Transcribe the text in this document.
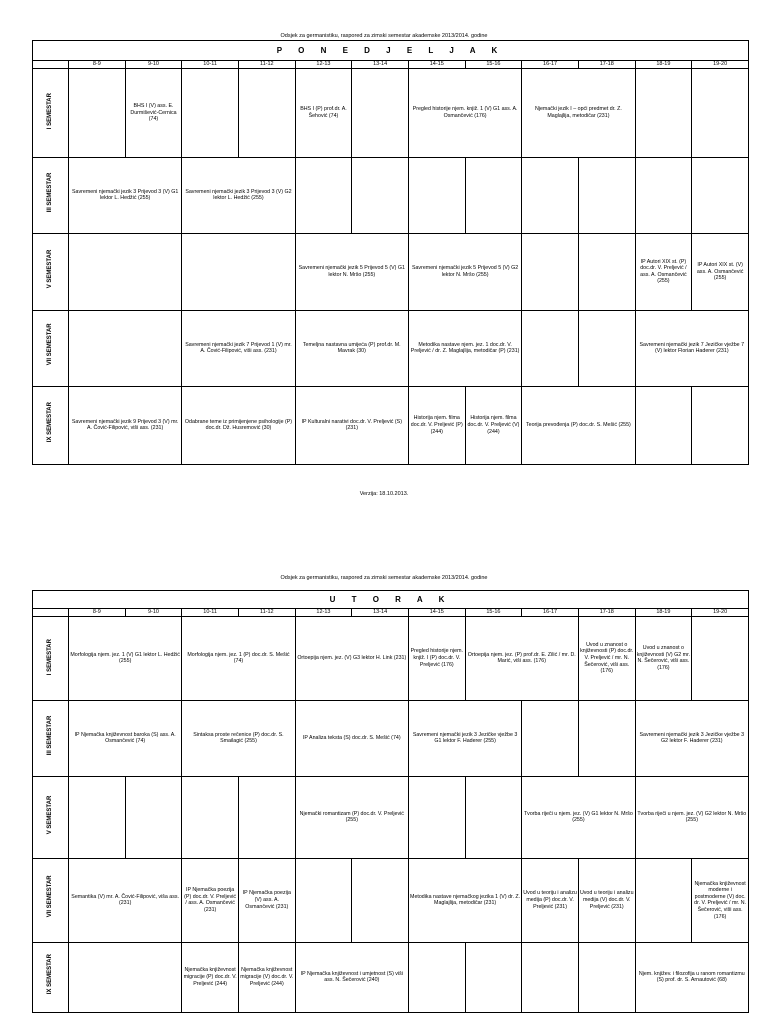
Odsjek za germanistiku, raspored za zimski semestar akademske 2013/2014. godine
P O N E D J E L J A K												
	8-9	9-10	10-11	11-12	12-13	13-14	14-15	15-16	16-17	17-18	18-19	19-20

I SEMESTAR		BHS I (V) ass. E. Durmišević-Cernica (74)			BHS I (P) prof.dr. A. Šehović (74)		Pregled historije njem. knjiž. 1 (V) G1 ass. A. Osmančević (176)		Njemački jezik I – opći predmet dr. Z. Maglajlija, metodičar (231)			

III SEMESTAR	Savremeni njemački jezik 3 Prijevod 3 (V) G1 lektor L. Hedžić (255)		Savremeni njemački jezik 3 Prijevod 3 (V) G2 lektor L. Hedžić (255)									

V SEMESTAR					Savremeni njemački jezik 5 Prijevod 5 (V) G1 lektor N. Mršo (255)		Savremeni njemački jezik 5 Prijevod 5 (V) G2 lektor N. Mršo (255)				IP Autori XIX st. (P) doc.dr. V. Preljević / ass. A. Osmančević (255)	IP Autori XIX st. (V) ass. A. Osmančević (255)

VII SEMESTAR			Savremeni njemački jezik 7 Prijevod 1 (V) mr. A. Čović-Filipović, viši ass. (231)		Temeljna nastavna umijeća (P) prof.dr. M. Mavrak (30)		Metodika nastave njem. jez. 1 doc.dr. V. Preljević / dr. Z. Maglajlija, metodičar (P) (231)				Savremeni njemački jezik 7 Jezičke vježbe 7 (V) lektor Florian Haderer (231)	

IX SEMESTAR	Savremeni njemački jezik 9 Prijevod 3 (V) mr. A. Čović-Filipović, viši ass. (231)		Odabrane teme iz primijenjene psihologije (P) doc.dr. Dž. Husremović (30)		IP Kulturalni narativi doc.dr. V. Preljević (S) (231)		Historija njem. filma doc.dr. V. Preljević (P) (244)	Historija njem. filma doc.dr. V. Preljević (V) (244)	Teorija prevođenja (P) doc.dr. S. Mešić (255)			
Verzija: 18.10.2013.
Odsjek za germanistiku, raspored za zimski semestar akademske 2013/2014. godine
U T O R A K												
	8-9	9-10	10-11	11-12	12-13	13-14	14-15	15-16	16-17	17-18	18-19	19-20

I SEMESTAR	Morfologija njem. jez. 1 (V) G1 lektor L. Hedžić (255)		Morfologija njem. jez. 1 (P) doc.dr. S. Mešić (74)		Ortoepija njem. jez. (V) G3 lektor H. Link (231)		Pregled historije njem. knjiž. I (P) doc.dr. V. Preljević (176)	Ortoepija njem. jez. (P) prof.dr. E. Zilić / mr. D. Marić, viši ass. (176)		Uvod u znanost o književnosti (P) doc.dr. V. Preljević / mr. N. Šečerović, viši ass. (176)	Uvod u znanost o književnosti (V) G2 mr. N. Šečerović, viši ass. (176)	

III SEMESTAR	IP Njemačka književnost baroka (S) ass. A. Osmančević (74)		Sintaksa proste rečenice (P) doc.dr. S. Smailagić (255)		IP Analiza teksta (S) doc.dr. S. Mešić (74)		Savremeni njemački jezik 3 Jezičke vježbe 3 G1 lektor F. Haderer (255)				Savremeni njemački jezik 3 Jezičke vježbe 3 G2 lektor F. Haderer (231)	

V SEMESTAR					Njemački romantizam (P) doc.dr. V. Preljević (255)				Tvorba riječi u njem. jez. (V) G1 lektor N. Mršo (255)		Tvorba riječi u njem. jez. (V) G2 lektor N. Mršo (255)	

VII SEMESTAR	Semantika (V) mr. A. Čović-Filipović, viša ass. (231)		IP Njemačka poezija (P) doc.dr. V. Preljević / ass. A. Osmančević (231)	IP Njemačka poezija (V) ass. A. Osmančević (231)			Metodika nastave njemačkog jezika 1 (V) dr. Z. Maglajlija, metodičar (231)		Uvod u teoriju i analizu medija (P) doc.dr. V. Preljević (231)	Uvod u teoriju i analizu medija (V) doc.dr. V. Preljević (231)		Njemačka književnost moderne i postmoderne (V) doc. dr. V. Preljević / mr. N. Šečerović, viši ass. (176)

IX SEMESTAR			Njemačka književnost migracije (P) doc.dr. V. Preljević (244)	Njemačka književnost migracije (V) doc.dr. V. Preljević (244)	IP Njemačka književnost i umjetnost (S) viši ass. N. Šečerović (240)						Njem. književ. i filozofija u ranom romantizmu (S) prof. dr. S. Arnautović (68)	
